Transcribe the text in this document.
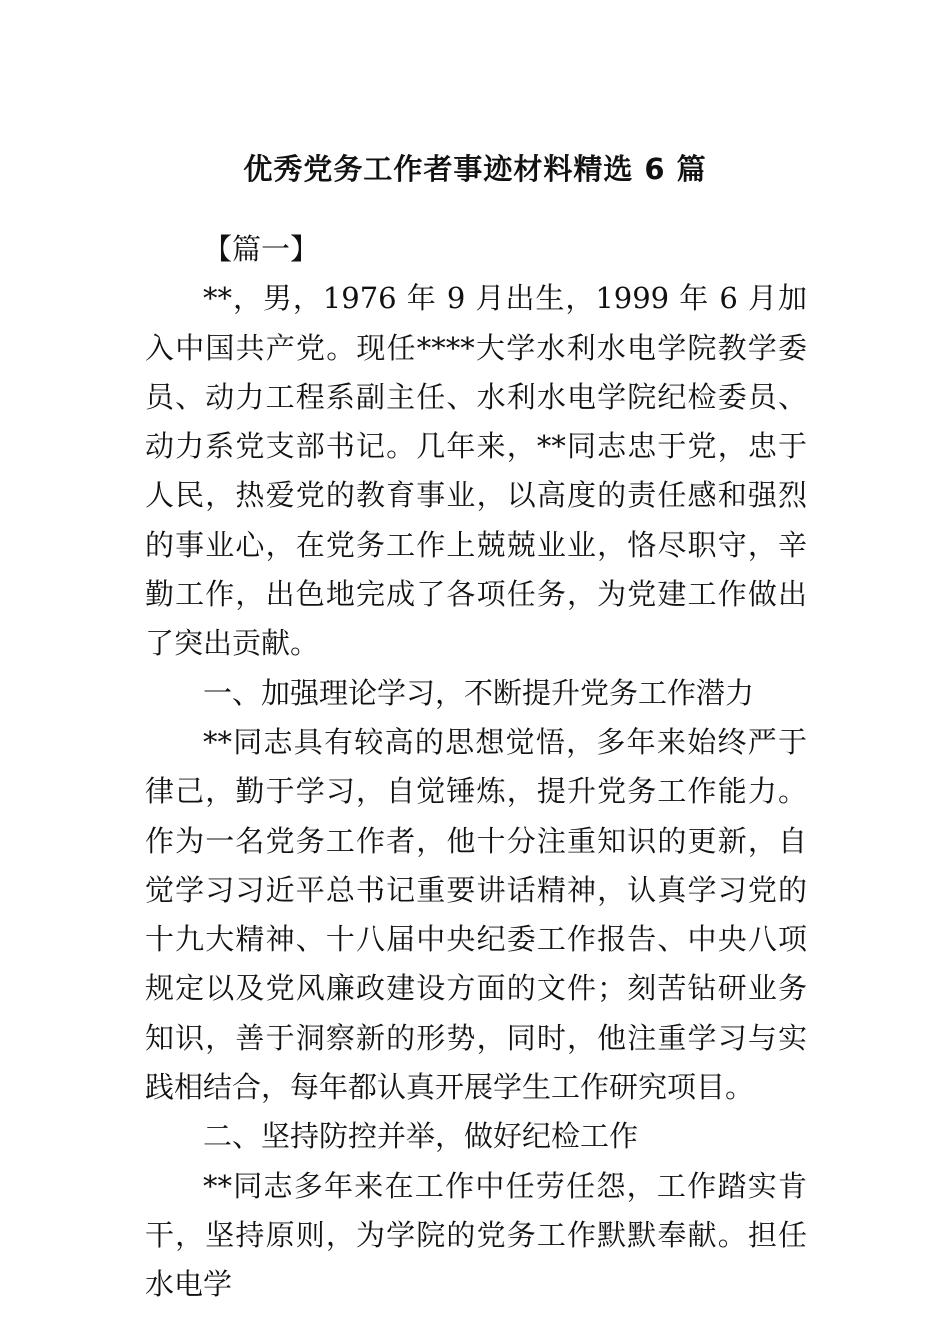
优秀党务工作者事迹材料精选 6 篇

【篇一】

**，男，1976 年 9 月出生，1999 年 6 月加入中国共产党。现任****大学水利水电学院教学委员、动力工程系副主任、水利水电学院纪检委员、动力系党支部书记。几年来，**同志忠于党，忠于人民，热爱党的教育事业，以高度的责任感和强烈的事业心，在党务工作上兢兢业业，恪尽职守，辛勤工作，出色地完成了各项任务，为党建工作做出了突出贡献。

一、加强理论学习，不断提升党务工作潜力

**同志具有较高的思想觉悟，多年来始终严于律己，勤于学习，自觉锤炼，提升党务工作能力。作为一名党务工作者，他十分注重知识的更新，自觉学习习近平总书记重要讲话精神，认真学习党的十九大精神、十八届中央纪委工作报告、中央八项规定以及党风廉政建设方面的文件；刻苦钻研业务知识，善于洞察新的形势，同时，他注重学习与实践相结合，每年都认真开展学生工作研究项目。

二、坚持防控并举，做好纪检工作

**同志多年来在工作中任劳任怨，工作踏实肯干，坚持原则，为学院的党务工作默默奉献。担任水电学
